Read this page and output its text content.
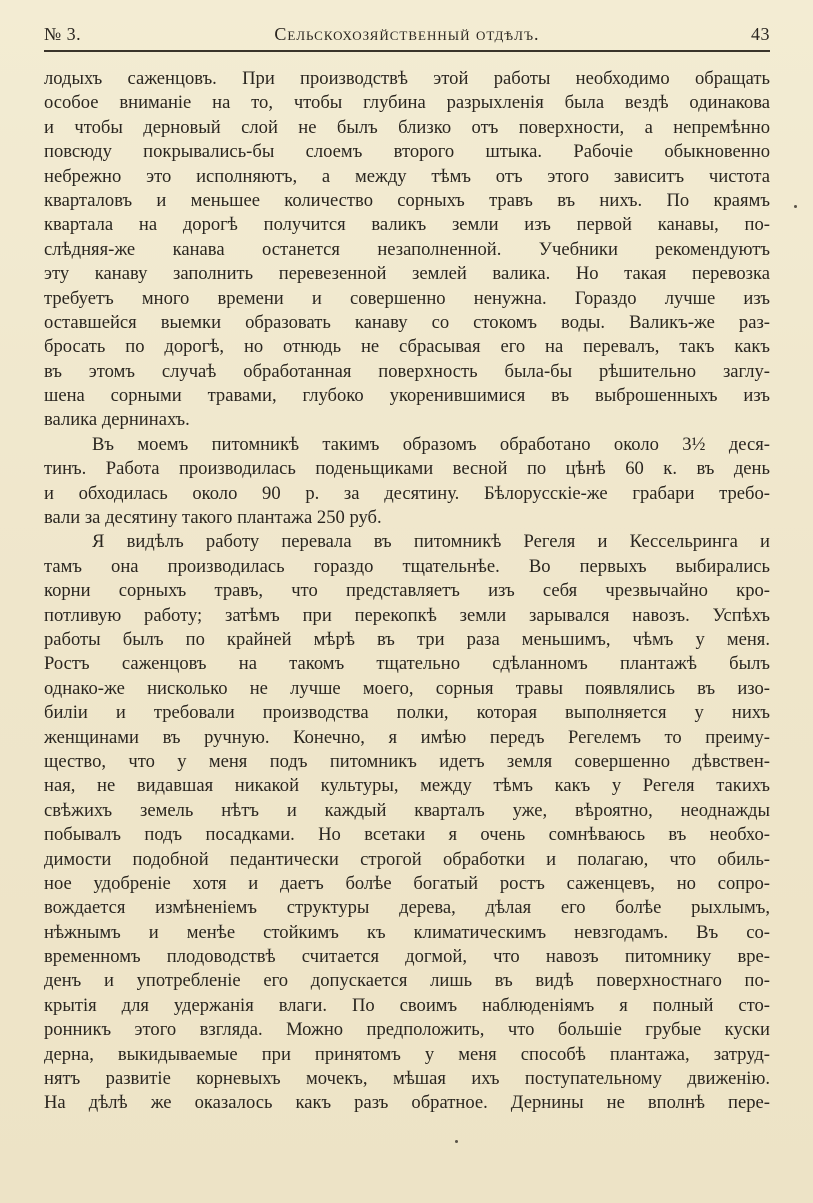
№ 3.	Сельскохозяйственный отдѣлъ.	43
лодыхъ саженцовъ. При производствѣ этой работы необходимо обращать
особое вниманіе на то, чтобы глубина разрыхленія была вездѣ одинакова
и чтобы дерновый слой не былъ близко отъ поверхности, а непремѣнно
повсюду покрывались-бы слоемъ второго штыка. Рабочіе обыкновенно
небрежно это исполняютъ, а между тѣмъ отъ этого зависитъ чистота
кварталовъ и меньшее количество сорныхъ травъ въ нихъ. По краямъ
квартала на дорогѣ получится валикъ земли изъ первой канавы, по-
слѣдняя-же канава останется незаполненной. Учебники рекомендуютъ
эту канаву заполнить перевезенной землей валика. Но такая перевозка
требуетъ много времени и совершенно ненужна. Гораздо лучше изъ
оставшейся выемки образовать канаву со стокомъ воды. Валикъ-же раз-
бросать по дорогѣ, но отнюдь не сбрасывая его на перевалъ, такъ какъ
въ этомъ случаѣ обработанная поверхность была-бы рѣшительно заглу-
шена сорными травами, глубоко укоренившимися въ выброшенныхъ изъ
валика дернинахъ.
Въ моемъ питомникѣ такимъ образомъ обработано около 3½ деся-
тинъ. Работа производилась поденьщиками весной по цѣнѣ 60 к. въ день
и обходилась около 90 р. за десятину. Бѣлорусскіе-же грабари требо-
вали за десятину такого плантажа 250 руб.
Я видѣлъ работу перевала въ питомникѣ Регеля и Кессельринга и
тамъ она производилась гораздо тщательнѣе. Во первыхъ выбирались
корни сорныхъ травъ, что представляетъ изъ себя чрезвычайно кро-
потливую работу; затѣмъ при перекопкѣ земли зарывался навозъ. Успѣхъ
работы былъ по крайней мѣрѣ въ три раза меньшимъ, чѣмъ у меня.
Ростъ саженцовъ на такомъ тщательно сдѣланномъ плантажѣ былъ
однако-же нисколько не лучше моего, сорныя травы появлялись въ изо-
биліи и требовали производства полки, которая выполняется у нихъ
женщинами въ ручную. Конечно, я имѣю передъ Регелемъ то преиму-
щество, что у меня подъ питомникъ идетъ земля совершенно дѣвствен-
ная, не видавшая никакой культуры, между тѣмъ какъ у Регеля такихъ
свѣжихъ земель нѣтъ и каждый кварталъ уже, вѣроятно, неоднажды
побывалъ подъ посадками. Но всетаки я очень сомнѣваюсь въ необхо-
димости подобной педантически строгой обработки и полагаю, что обиль-
ное удобреніе хотя и даетъ болѣе богатый ростъ саженцевъ, но сопро-
вождается измѣненіемъ структуры дерева, дѣлая его болѣе рыхлымъ,
нѣжнымъ и менѣе стойкимъ къ климатическимъ невзгодамъ. Въ со-
временномъ плодоводствѣ считается догмой, что навозъ питомнику вре-
денъ и употребленіе его допускается лишь въ видѣ поверхностнаго по-
крытія для удержанія влаги. По своимъ наблюденіямъ я полный сто-
ронникъ этого взгляда. Можно предположить, что большіе грубые куски
дерна, выкидываемые при принятомъ у меня способѣ плантажа, затруд-
нятъ развитіе корневыхъ мочекъ, мѣшая ихъ поступательному движенію.
На дѣлѣ же оказалось какъ разъ обратное. Дернины не вполнѣ пере-
